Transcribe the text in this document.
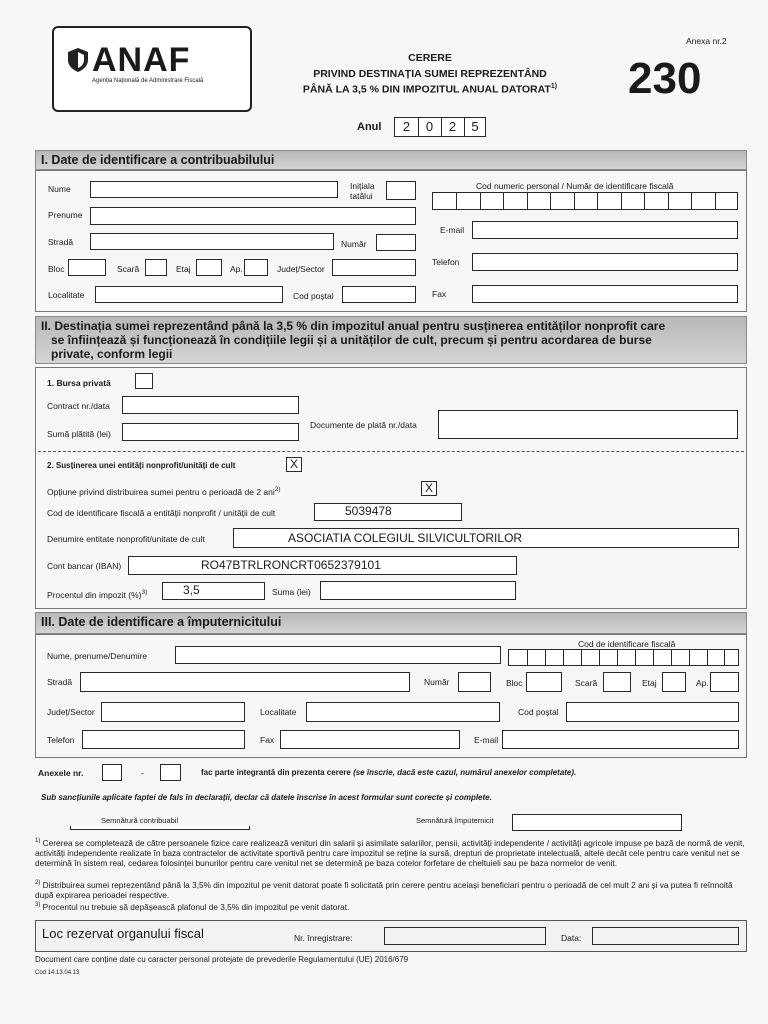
ANAF
Agenția Națională de Administrare Fiscală
Anexa nr.2
230
CERERE
PRIVIND DESTINAȚIA SUMEI REPREZENTÂND
PÂNĂ LA 3,5 % DIN IMPOZITUL ANUAL DATORAT$^{1)}$
Anul	2	0	2	5
I. Date de identificare a contribuabilului
Nume	Inițiala
tatălui
Cod numeric personal / Număr de identificare fiscală
Prenume
E-mail
Stradă	Număr
Telefon
Bloc	Scară	Etaj	Ap.	Județ/Sector
Localitate	Cod poștal	Fax
II. Destinația sumei reprezentând până la 3,5 % din impozitul anual pentru susținerea entităților nonprofit care
se înființează și funcționează în condițiile legii și a unităților de cult, precum și pentru acordarea de burse
private, conform legii
1. Bursa privată
Contract nr./data
Sumă plătită (lei)
Documente de plată nr./data
2. Susținerea unei entități nonprofit/unități de cult	X
Opțiune privind distribuirea sumei pentru o perioadă de 2 ani$^{2)}$	X
Cod de identificare fiscală a entității nonprofit / unității de cult	5039478
Denumire entitate nonprofit/unitate de cult	ASOCIATIA COLEGIUL SILVICULTORILOR
Cont bancar (IBAN)	RO47BTRLRONCRT0652379101
Procentul din impozit (%)$^{3)}$	3,5	Suma (lei)
III. Date de identificare a împuternicitului
Nume, prenume/Denumire
Cod de identificare fiscală
Stradă	Număr	Bloc	Scară	Etaj	Ap.
Județ/Sector	Localitate	Cod poștal
Telefon	Fax	E-mail
Anexele nr.	-	fac parte integrantă din prezenta cerere (se înscrie, dacă este cazul, numărul anexelor completate).
Sub sancțiunile aplicate faptei de fals în declarații, declar că datele înscrise în acest formular sunt corecte și complete.
Semnătură contribuabil	Semnătură împuternicit
$^{1)}$ Cererea se completează de către persoanele fizice care realizează venituri din salarii și asimilate salariilor, pensii, activități independente / activități agricole impuse pe bază de normă de venit, activități independente realizate în baza contractelor de activitate sportivă pentru care impozitul se reține la sursă, drepturi de proprietate intelectuală, altele decât cele pentru care venitul net se determină în sistem real, cedarea folosinței bunurilor pentru care venitul net se determină pe baza cotelor forfetare de cheltuieli sau pe baza normelor de venit.
$^{2)}$ Distribuirea sumei reprezentând până la 3,5% din impozitul pe venit datorat poate fi solicitată prin cerere pentru aceiași beneficiari pentru o perioadă de cel mult 2 ani și va putea fi reînnoită după expirarea perioadei respective.
$^{3)}$ Procentul nu trebuie să depășească plafonul de 3,5% din impozitul pe venit datorat.
Loc rezervat organului fiscal	Nr. înregistrare:	Data:
Document care conține date cu caracter personal protejate de prevederile Regulamentului (UE) 2016/679
Cod 14.13.04.13
